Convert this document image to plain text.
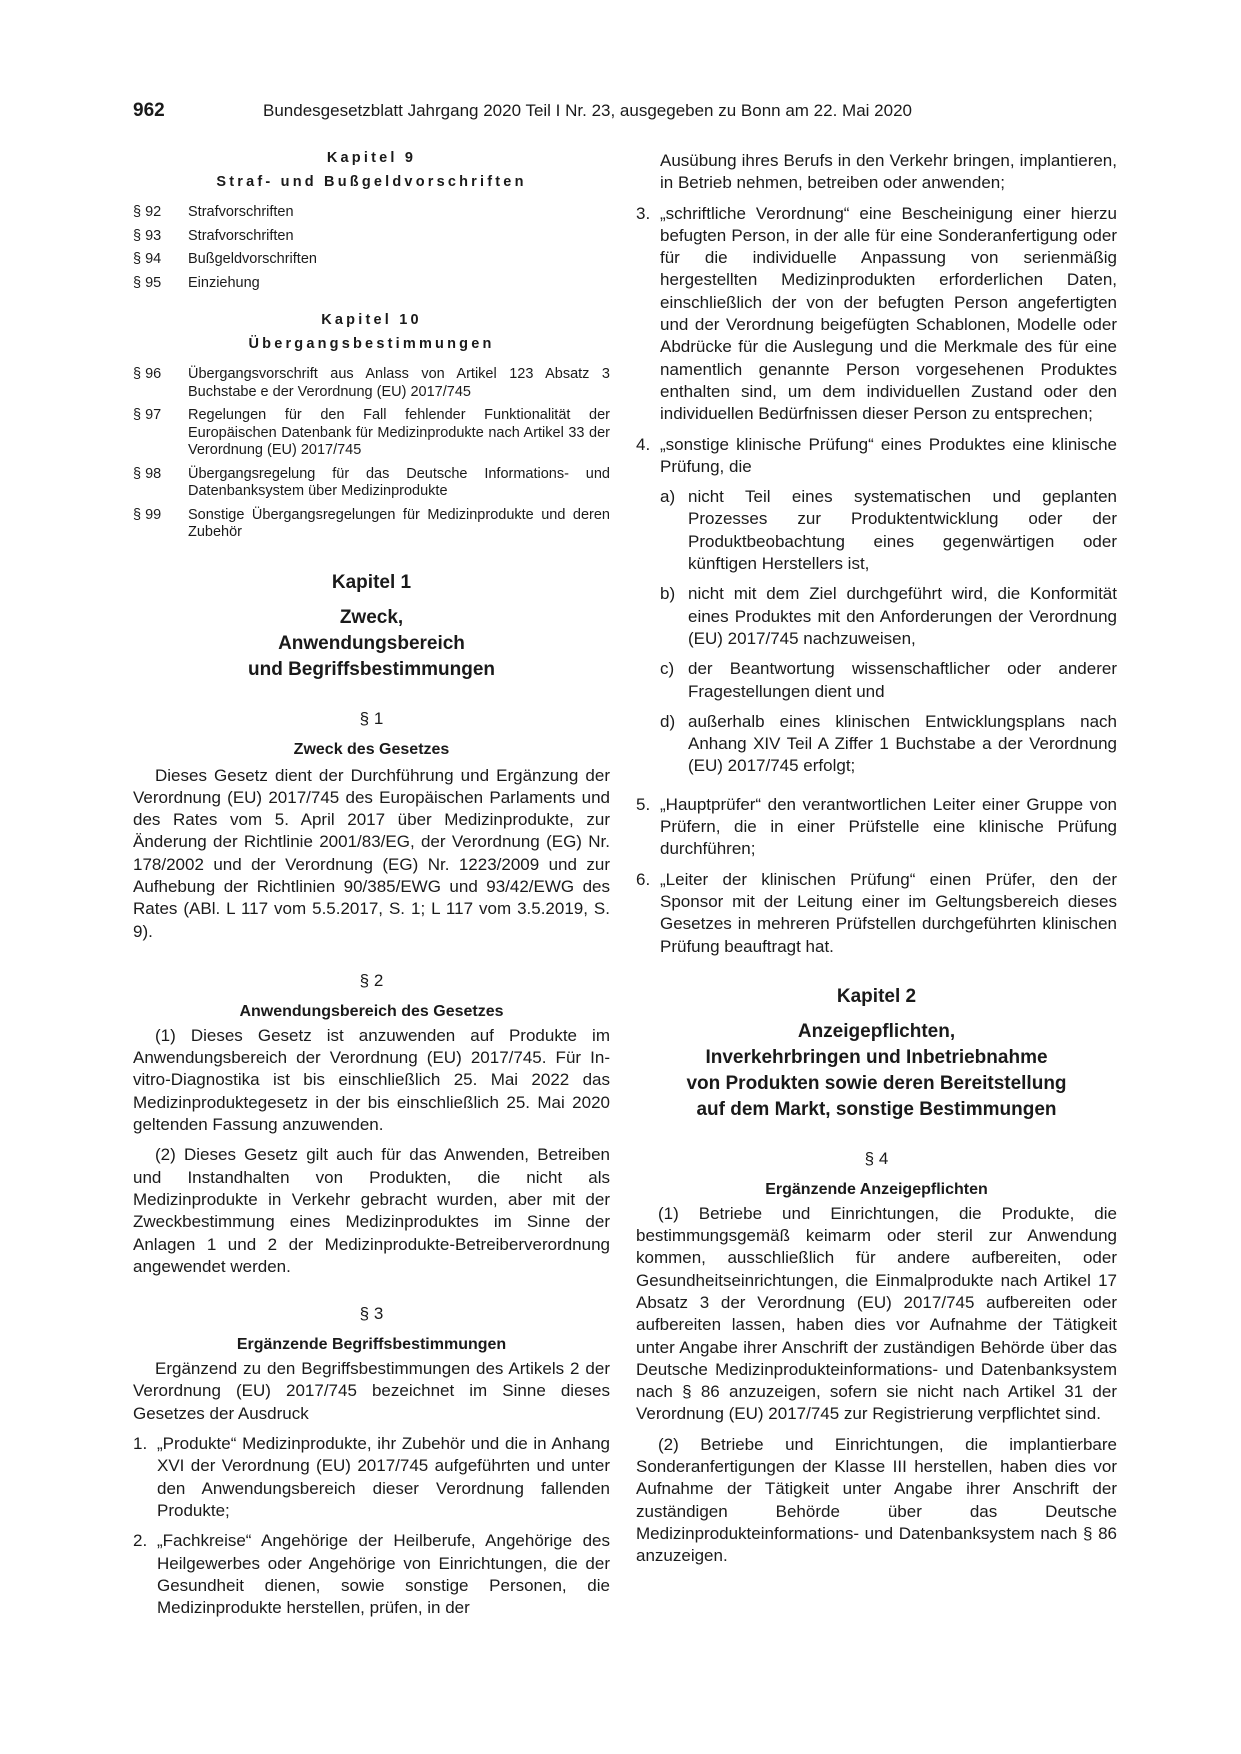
962	Bundesgesetzblatt Jahrgang 2020 Teil I Nr. 23, ausgegeben zu Bonn am 22. Mai 2020

Kapitel 9

Straf- und Bußgeldvorschriften

§ 92	Strafvorschriften
§ 93	Strafvorschriften
§ 94	Bußgeldvorschriften
§ 95	Einziehung

Kapitel 10

Übergangsbestimmungen

§ 96	Übergangsvorschrift aus Anlass von Artikel 123 Absatz 3 Buchstabe e der Verordnung (EU) 2017/745
§ 97	Regelungen für den Fall fehlender Funktionalität der Europäischen Datenbank für Medizinprodukte nach Artikel 33 der Verordnung (EU) 2017/745
§ 98	Übergangsregelung für das Deutsche Informations- und Datenbanksystem über Medizinprodukte
§ 99	Sonstige Übergangsregelungen für Medizinprodukte und deren Zubehör
Kapitel 1
Zweck,
Anwendungsbereich
und Begriffsbestimmungen

§ 1

Zweck des Gesetzes

Dieses Gesetz dient der Durchführung und Ergänzung der Verordnung (EU) 2017/745 des Europäischen Parlaments und des Rates vom 5. April 2017 über Medizinprodukte, zur Änderung der Richtlinie 2001/83/EG, der Verordnung (EG) Nr. 178/2002 und der Verordnung (EG) Nr. 1223/2009 und zur Aufhebung der Richtlinien 90/385/EWG und 93/42/EWG des Rates (ABl. L 117 vom 5.5.2017, S. 1; L 117 vom 3.5.2019, S. 9).

§ 2

Anwendungsbereich des Gesetzes

(1) Dieses Gesetz ist anzuwenden auf Produkte im Anwendungsbereich der Verordnung (EU) 2017/745. Für In-vitro-Diagnostika ist bis einschließlich 25. Mai 2022 das Medizinproduktegesetz in der bis einschließlich 25. Mai 2020 geltenden Fassung anzuwenden.

(2) Dieses Gesetz gilt auch für das Anwenden, Betreiben und Instandhalten von Produkten, die nicht als Medizinprodukte in Verkehr gebracht wurden, aber mit der Zweckbestimmung eines Medizinproduktes im Sinne der Anlagen 1 und 2 der Medizinprodukte-Betreiberverordnung angewendet werden.

§ 3

Ergänzende Begriffsbestimmungen

Ergänzend zu den Begriffsbestimmungen des Artikels 2 der Verordnung (EU) 2017/745 bezeichnet im Sinne dieses Gesetzes der Ausdruck

1. „Produkte“ Medizinprodukte, ihr Zubehör und die in Anhang XVI der Verordnung (EU) 2017/745 aufgeführten und unter den Anwendungsbereich dieser Verordnung fallenden Produkte;
2. „Fachkreise“ Angehörige der Heilberufe, Angehörige des Heilgewerbes oder Angehörige von Einrichtungen, die der Gesundheit dienen, sowie sonstige Personen, die Medizinprodukte herstellen, prüfen, in der
Ausübung ihres Berufs in den Verkehr bringen, implantieren, in Betrieb nehmen, betreiben oder anwenden;
3. „schriftliche Verordnung“ eine Bescheinigung einer hierzu befugten Person, in der alle für eine Sonderanfertigung oder für die individuelle Anpassung von serienmäßig hergestellten Medizinprodukten erforderlichen Daten, einschließlich der von der befugten Person angefertigten und der Verordnung beigefügten Schablonen, Modelle oder Abdrücke für die Auslegung und die Merkmale des für eine namentlich genannte Person vorgesehenen Produktes enthalten sind, um dem individuellen Zustand oder den individuellen Bedürfnissen dieser Person zu entsprechen;
4. „sonstige klinische Prüfung“ eines Produktes eine klinische Prüfung, die
a) nicht Teil eines systematischen und geplanten Prozesses zur Produktentwicklung oder der Produktbeobachtung eines gegenwärtigen oder künftigen Herstellers ist,
b) nicht mit dem Ziel durchgeführt wird, die Konformität eines Produktes mit den Anforderungen der Verordnung (EU) 2017/745 nachzuweisen,
c) der Beantwortung wissenschaftlicher oder anderer Fragestellungen dient und
d) außerhalb eines klinischen Entwicklungsplans nach Anhang XIV Teil A Ziffer 1 Buchstabe a der Verordnung (EU) 2017/745 erfolgt;
5. „Hauptprüfer“ den verantwortlichen Leiter einer Gruppe von Prüfern, die in einer Prüfstelle eine klinische Prüfung durchführen;
6. „Leiter der klinischen Prüfung“ einen Prüfer, den der Sponsor mit der Leitung einer im Geltungsbereich dieses Gesetzes in mehreren Prüfstellen durchgeführten klinischen Prüfung beauftragt hat.
Kapitel 2
Anzeigepflichten,
Inverkehrbringen und Inbetriebnahme
von Produkten sowie deren Bereitstellung
auf dem Markt, sonstige Bestimmungen

§ 4

Ergänzende Anzeigepflichten

(1) Betriebe und Einrichtungen, die Produkte, die bestimmungsgemäß keimarm oder steril zur Anwendung kommen, ausschließlich für andere aufbereiten, oder Gesundheitseinrichtungen, die Einmalprodukte nach Artikel 17 Absatz 3 der Verordnung (EU) 2017/745 aufbereiten oder aufbereiten lassen, haben dies vor Aufnahme der Tätigkeit unter Angabe ihrer Anschrift der zuständigen Behörde über das Deutsche Medizinprodukteinformations- und Datenbanksystem nach § 86 anzuzeigen, sofern sie nicht nach Artikel 31 der Verordnung (EU) 2017/745 zur Registrierung verpflichtet sind.

(2) Betriebe und Einrichtungen, die implantierbare Sonderanfertigungen der Klasse III herstellen, haben dies vor Aufnahme der Tätigkeit unter Angabe ihrer Anschrift der zuständigen Behörde über das Deutsche Medizinprodukteinformations- und Datenbanksystem nach § 86 anzuzeigen.
